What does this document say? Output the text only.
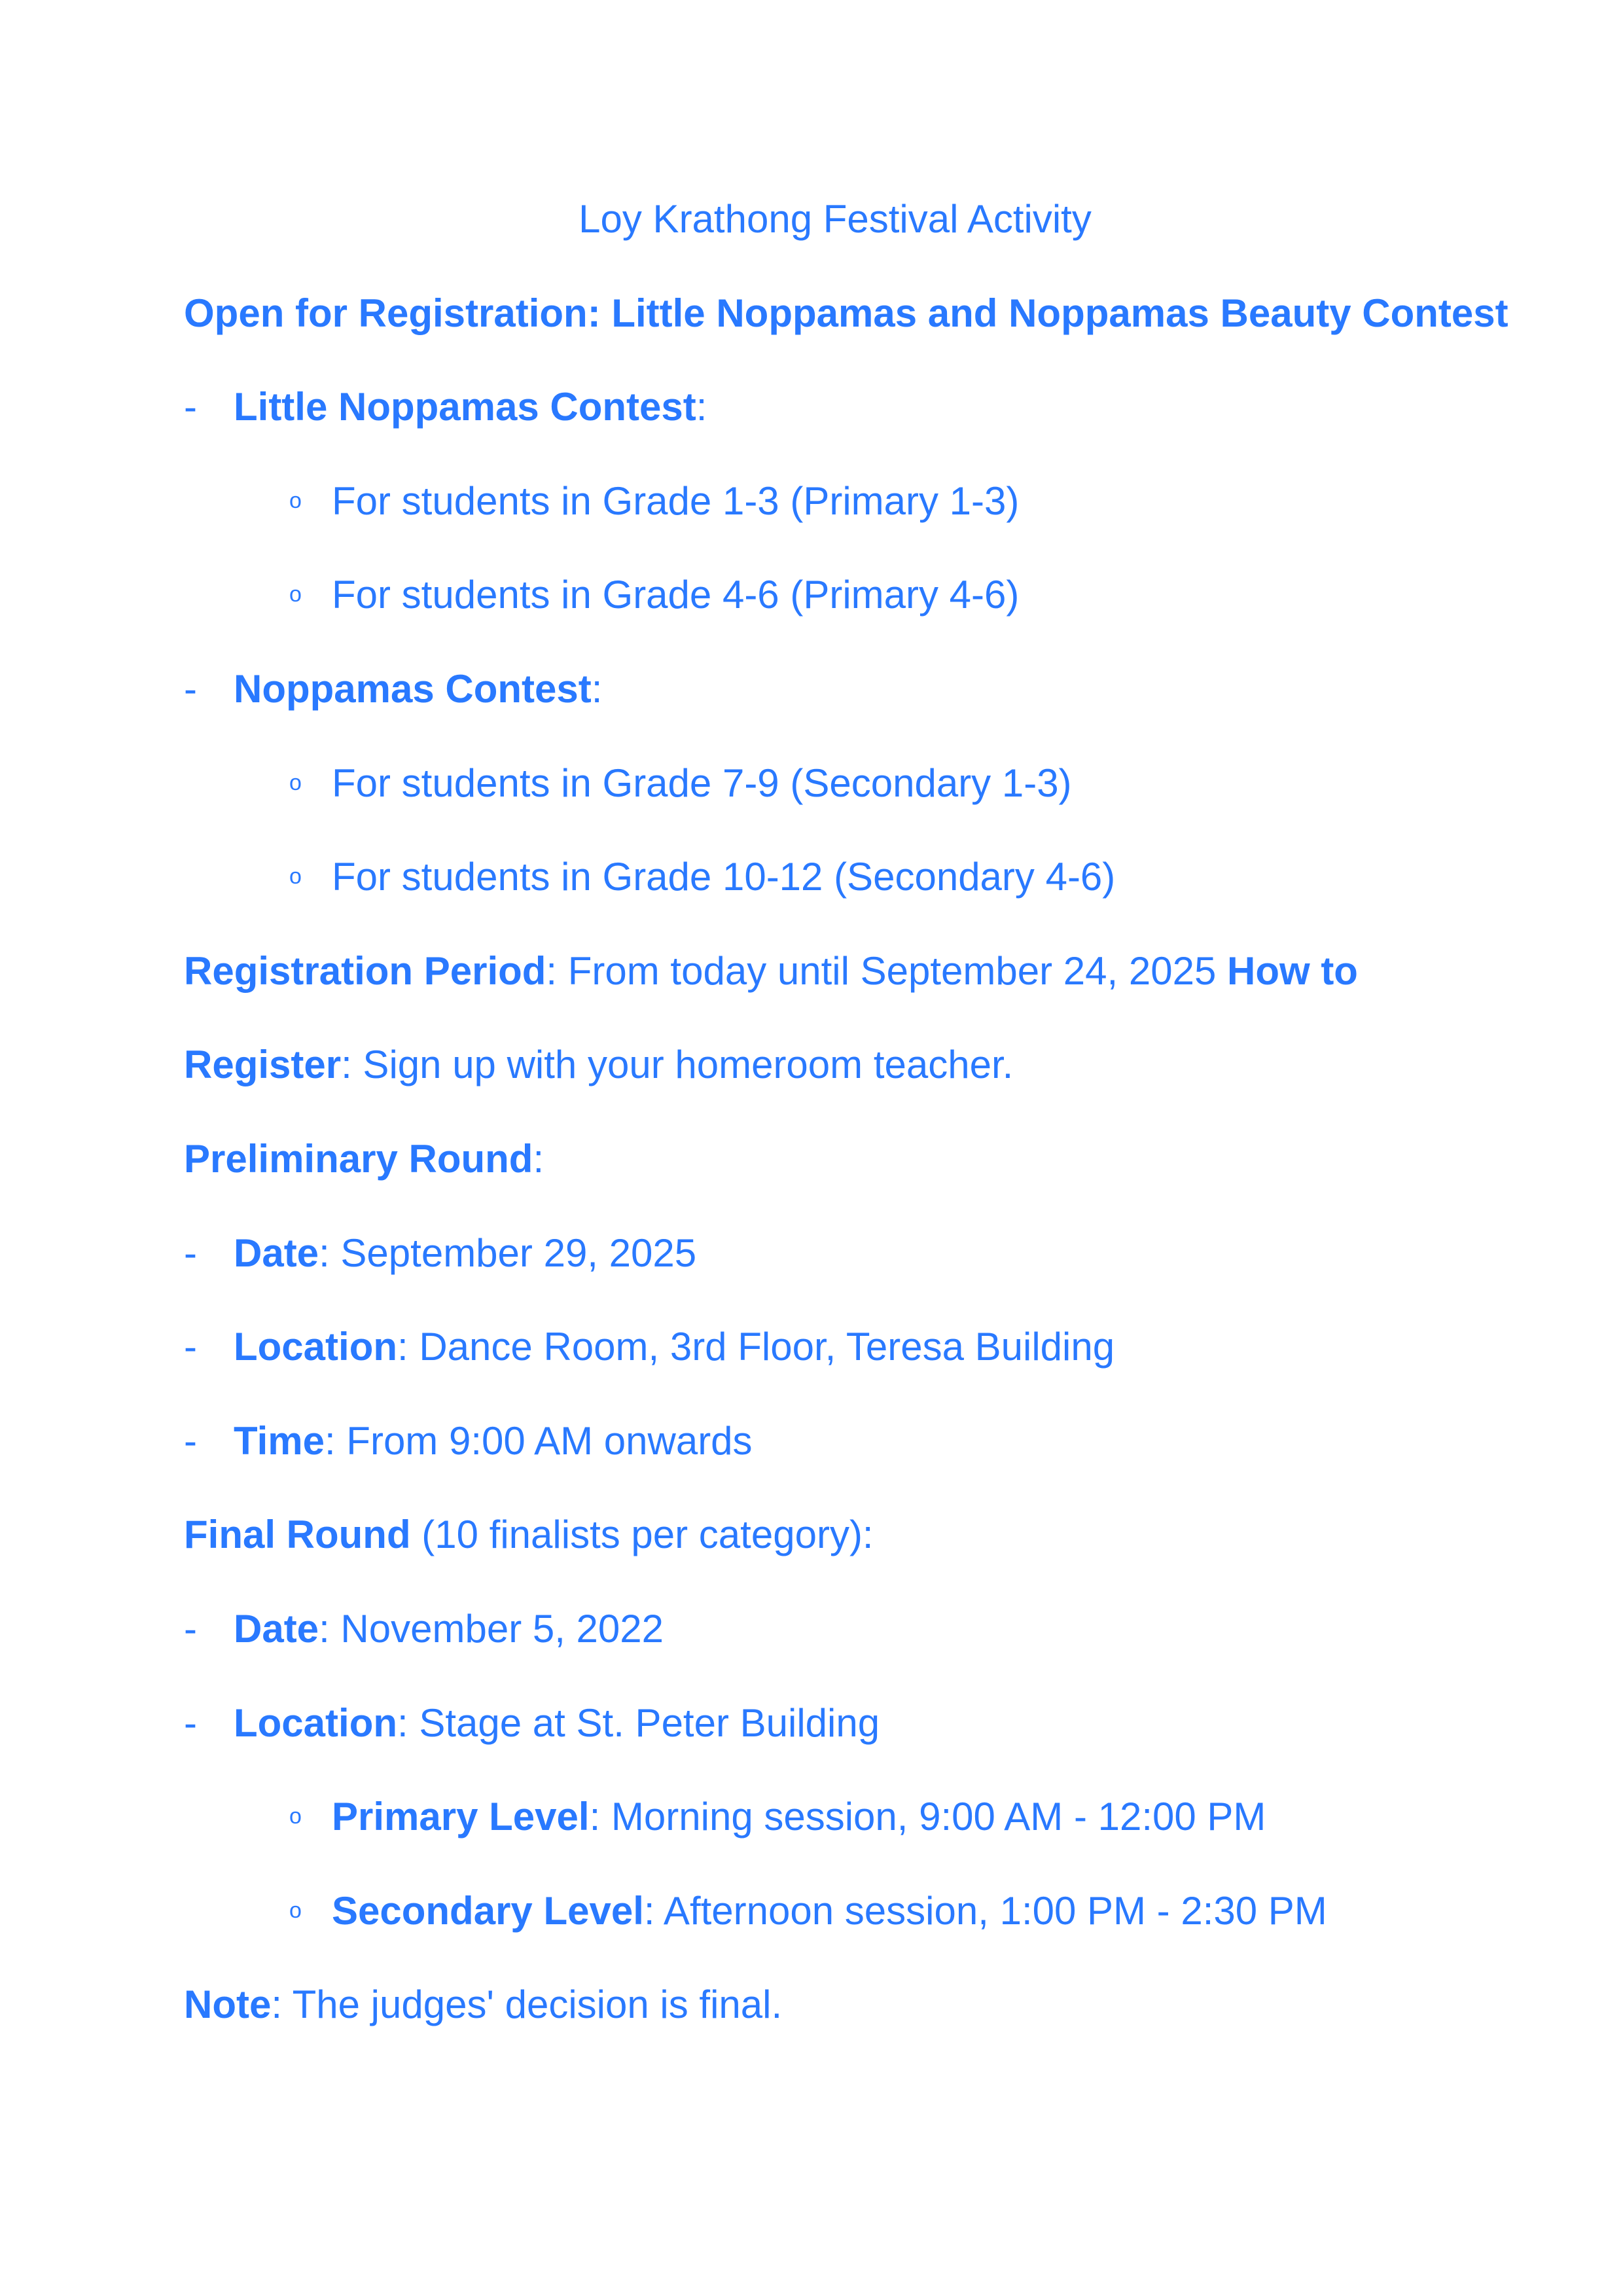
Loy Krathong Festival Activity
Open for Registration: Little Noppamas and Noppamas Beauty Contest
- Little Noppamas Contest:
o For students in Grade 1-3 (Primary 1-3)
o For students in Grade 4-6 (Primary 4-6)
- Noppamas Contest:
o For students in Grade 7-9 (Secondary 1-3)
o For students in Grade 10-12 (Secondary 4-6)
Registration Period: From today until September 24, 2025 How to Register: Sign up with your homeroom teacher.
Preliminary Round:
- Date: September 29, 2025
- Location: Dance Room, 3rd Floor, Teresa Building
- Time: From 9:00 AM onwards
Final Round (10 finalists per category):
- Date: November 5, 2022
- Location: Stage at St. Peter Building
o Primary Level: Morning session, 9:00 AM - 12:00 PM
o Secondary Level: Afternoon session, 1:00 PM - 2:30 PM
Note: The judges' decision is final.
